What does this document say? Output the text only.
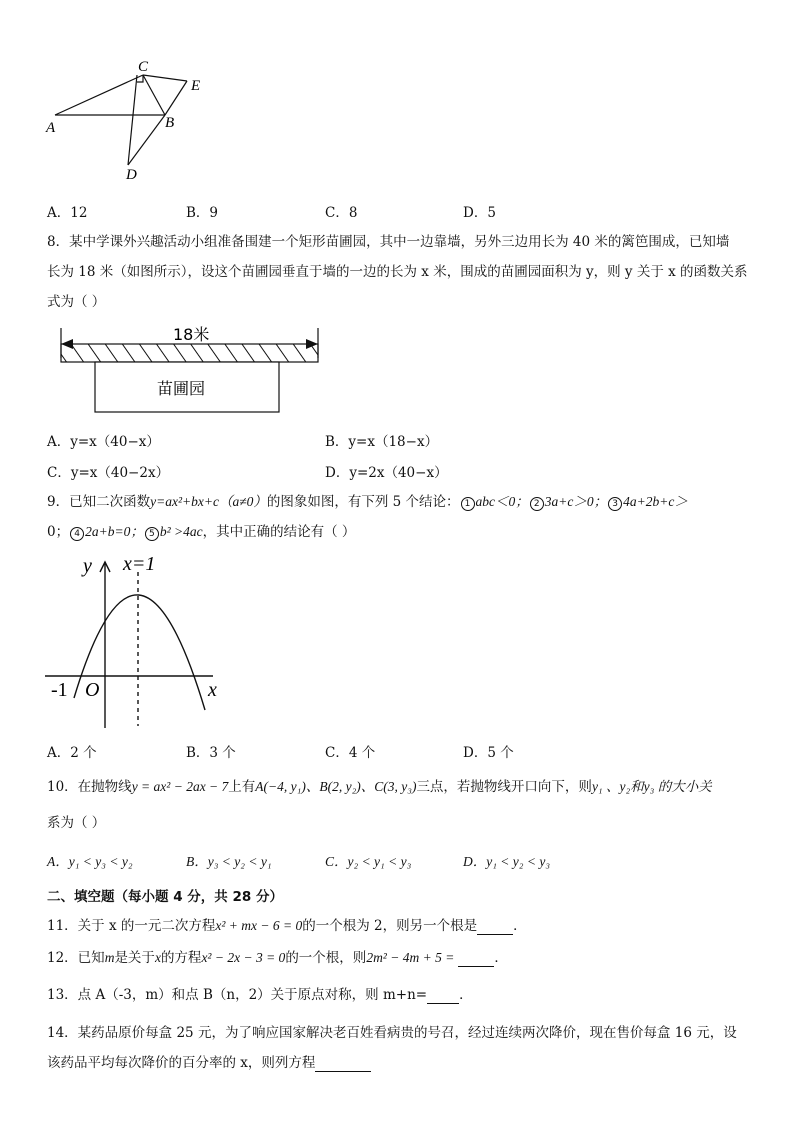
C
E
A	B
D
A．12	B．9	C．8	D．5
8．某中学课外兴趣活动小组准备围建一个矩形苗圃园，其中一边靠墙，另外三边用长为 40 米的篱笆围成，已知墙
长为 18 米（如图所示），设这个苗圃园垂直于墙的一边的长为 x 米，围成的苗圃园面积为 y，则 y 关于 x 的函数关系
式为（ ）
18米
苗圃园
A．y=x（40−x）	B．y=x（18−x）
C．y=x（40−2x）	D．y=2x（40−x）
9．已知二次函数y=ax²+bx+c（a≠0）的图象如图，有下列 5 个结论： 1 abc＜0； 2 3a+c＞0； 3 4a+2b+c＞
0； 4 2a+b=0； 5 b² >4ac，其中正确的结论有（ ）
y x=1
x
O
-1
A．2 个	B．3 个	C．4 个	D．5 个
10．在抛物线y = ax² − 2ax − 7上有A(−4, y₁)、B(2, y₂)、C(3, y₃)三点，若抛物线开口向下，则y₁ 、y₂和y₃ 的大小关
系为（ ）
A．y₁ < y₃ < y₂	B．y₃ < y₂ < y₁	C．y₂ < y₁ < y₃	D．y₁ < y₂ < y₃
二、填空题（每小题 4 分，共 28 分）
11．关于 x 的一元二次方程x² + mx − 6 = 0的一个根为 2，则另一个根是	．
12．已知m是关于x的方程x² − 2x − 3 = 0的一个根，则2m² − 4m + 5 =	．
13．点 A（-3，m）和点 B（n，2）关于原点对称，则 m+n= ．
14．某药品原价每盒 25 元，为了响应国家解决老百姓看病贵的号召，经过连续两次降价，现在售价每盒 16 元，设
该药品平均每次降价的百分率的 x，则列方程
